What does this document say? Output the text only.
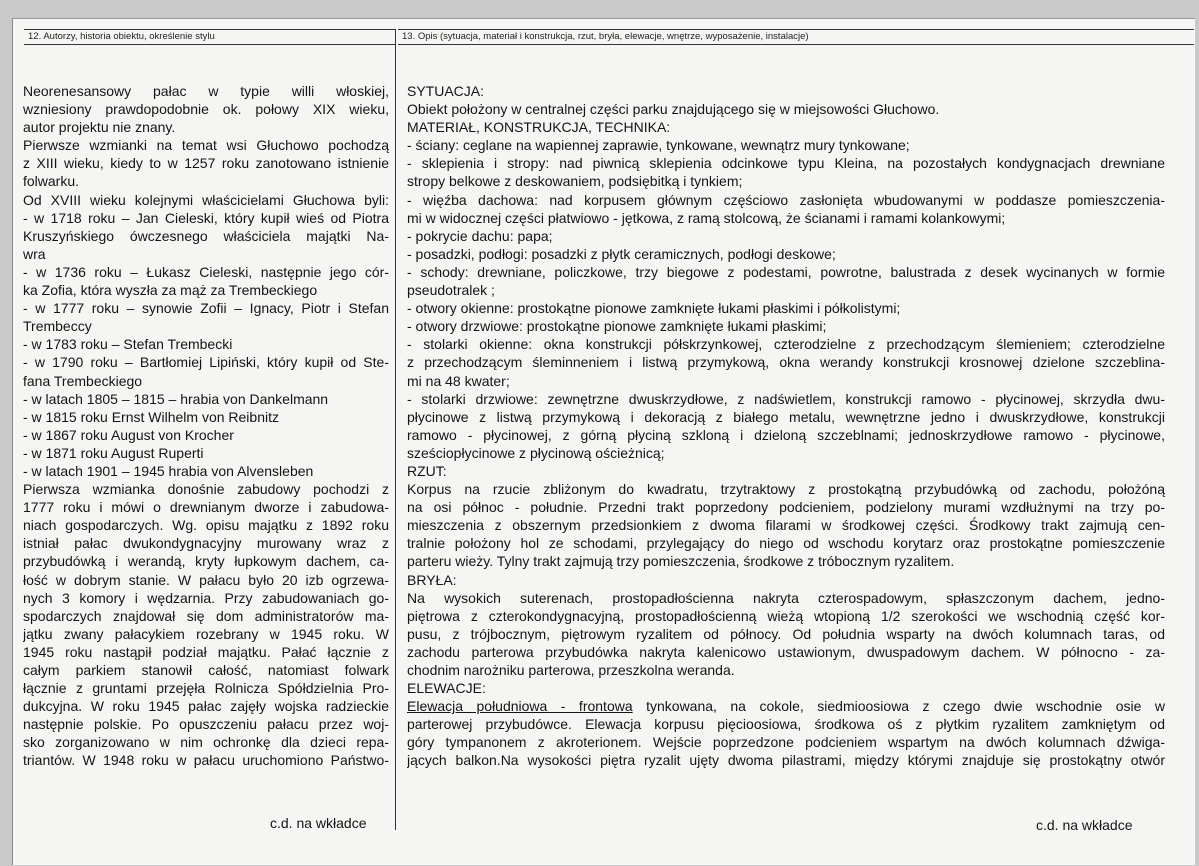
12. Autorzy, historia obiektu, określenie stylu	13. Opis (sytuacja, materiał i konstrukcja, rzut, bryła, elewacje, wnętrze, wyposażenie, instalacje)
Neorenesansowy pałac w typie willi włoskiej,
wzniesiony prawdopodobnie ok. połowy XIX wieku,
autor projektu nie znany.
Pierwsze wzmianki na temat wsi Głuchowo pochodzą
z XIII wieku, kiedy to w 1257 roku zanotowano istnienie
folwarku.
Od XVIII wieku kolejnymi właścicielami Głuchowa byli:
- w 1718 roku – Jan Cieleski, który kupił wieś od Piotra
Kruszyńskiego ówczesnego właściciela majątki Na-
wra
- w 1736 roku – Łukasz Cieleski, następnie jego cór-
ka Zofia, która wyszła za mąż za Trembeckiego
- w 1777 roku – synowie Zofii – Ignacy, Piotr i Stefan
Trembeccy
- w 1783 roku – Stefan Trembecki
- w 1790 roku – Bartłomiej Lipiński, który kupił od Ste-
fana Trembeckiego
- w latach 1805 – 1815 – hrabia von Dankelmann
- w 1815 roku Ernst Wilhelm von Reibnitz
- w 1867 roku August von Krocher
- w 1871 roku August Ruperti
- w latach 1901 – 1945 hrabia von Alvensleben
Pierwsza wzmianka donośnie zabudowy pochodzi z
1777 roku i mówi o drewnianym dworze i zabudowa-
niach gospodarczych. Wg. opisu majątku z 1892 roku
istniał pałac dwukondygnacyjny murowany wraz z
przybudówką i werandą, kryty łupkowym dachem, ca-
łość w dobrym stanie. W pałacu było 20 izb ogrzewa-
nych 3 komory i wędzarnia. Przy zabudowaniach go-
spodarczych znajdował się dom administratorów ma-
jątku zwany pałacykiem rozebrany w 1945 roku. W
1945 roku nastąpił podział majątku. Pałać łącznie z
całym parkiem stanowił całość, natomiast folwark
łącznie z gruntami przejęła Rolnicza Spółdzielnia Pro-
dukcyjna. W roku 1945 pałac zajęły wojska radzieckie
następnie polskie. Po opuszczeniu pałacu przez woj-
sko zorganizowano w nim ochronkę dla dzieci repa-
triantów. W 1948 roku w pałacu uruchomiono Państwo-
c.d. na wkładce
SYTUACJA:
Obiekt położony w centralnej części parku znajdującego się w miejsowości Głuchowo.
MATERIAŁ, KONSTRUKCJA, TECHNIKA:
- ściany: ceglane na wapiennej zaprawie, tynkowane, wewnątrz mury tynkowane;
- sklepienia i stropy: nad piwnicą sklepienia odcinkowe typu Kleina, na pozostałych kondygnacjach drewniane
stropy belkowe z deskowaniem, podsiębitką i tynkiem;
- więźba dachowa: nad korpusem głównym częściowo zasłonięta wbudowanymi w poddasze pomieszczenia-
mi w widocznej części płatwiowo - jętkowa, z ramą stolcową, że ścianami i ramami kolankowymi;
- pokrycie dachu: papa;
- posadzki, podłogi: posadzki z płytk ceramicznych, podłogi deskowe;
- schody: drewniane, policzkowe, trzy biegowe z podestami, powrotne, balustrada z desek wycinanych w formie
pseudotralek ;
- otwory okienne: prostokątne pionowe zamknięte łukami płaskimi i półkolistymi;
- otwory drzwiowe: prostokątne pionowe zamknięte łukami płaskimi;
- stolarki okienne: okna konstrukcji półskrzynkowej, czterodzielne z przechodzącym ślemieniem; czterodzielne
z przechodzącym śleminneniem i listwą przymykową, okna werandy konstrukcji krosnowej dzielone szczeblina-
mi na 48 kwater;
- stolarki drzwiowe: zewnętrzne dwuskrzydłowe, z nadświetlem, konstrukcji ramowo - płycinowej, skrzydła dwu-
płycinowe z listwą przymykową i dekoracją z białego metalu, wewnętrzne jedno i dwuskrzydłowe, konstrukcji
ramowo - płycinowej, z górną płyciną szkloną i dzieloną szczeblnami; jednoskrzydłowe ramowo - płycinowe,
sześciopłycinowe z płycinową ościeżnicą;
RZUT:
Korpus na rzucie zbliżonym do kwadratu, trzytraktowy z prostokątną przybudówką od zachodu, położóną
na osi północ - południe. Przedni trakt poprzedony podcieniem, podzielony murami wzdłużnymi na trzy po-
mieszczenia z obszernym przedsionkiem z dwoma filarami w środkowej części. Środkowy trakt zajmują cen-
tralnie położony hol ze schodami, przylegający do niego od wschodu korytarz oraz prostokątne pomieszczenie
parteru wieży. Tylny trakt zajmują trzy pomieszczenia, środkowe z tróbocznym ryzalitem.
BRYŁA:
Na wysokich suterenach, prostopadłościenna nakryta czterospadowym, spłaszczonym dachem, jedno-
piętrowa z czterokondygnacyjną, prostopadłościenną wieżą wtopioną 1/2 szerokości we wschodnią część kor-
pusu, z trójbocznym, piętrowym ryzalitem od północy. Od południa wsparty na dwóch kolumnach taras, od
zachodu parterowa przybudówka nakryta kalenicowo ustawionym, dwuspadowym dachem. W północno - za-
chodnim narożniku parterowa, przeszkolna weranda.
ELEWACJE:
Elewacja południowa - frontowa tynkowana, na cokole, siedmioosiowa z czego dwie wschodnie osie w
parterowej przybudówce. Elewacja korpusu pięcioosiowa, środkowa oś z płytkim ryzalitem zamkniętym od
góry tympanonem z akroterionem. Wejście poprzedzone podcieniem wspartym na dwóch kolumnach dźwiga-
jących balkon.Na wysokości piętra ryzalit ujęty dwoma pilastrami, między którymi znajduje się prostokątny otwór
c.d. na wkładce
